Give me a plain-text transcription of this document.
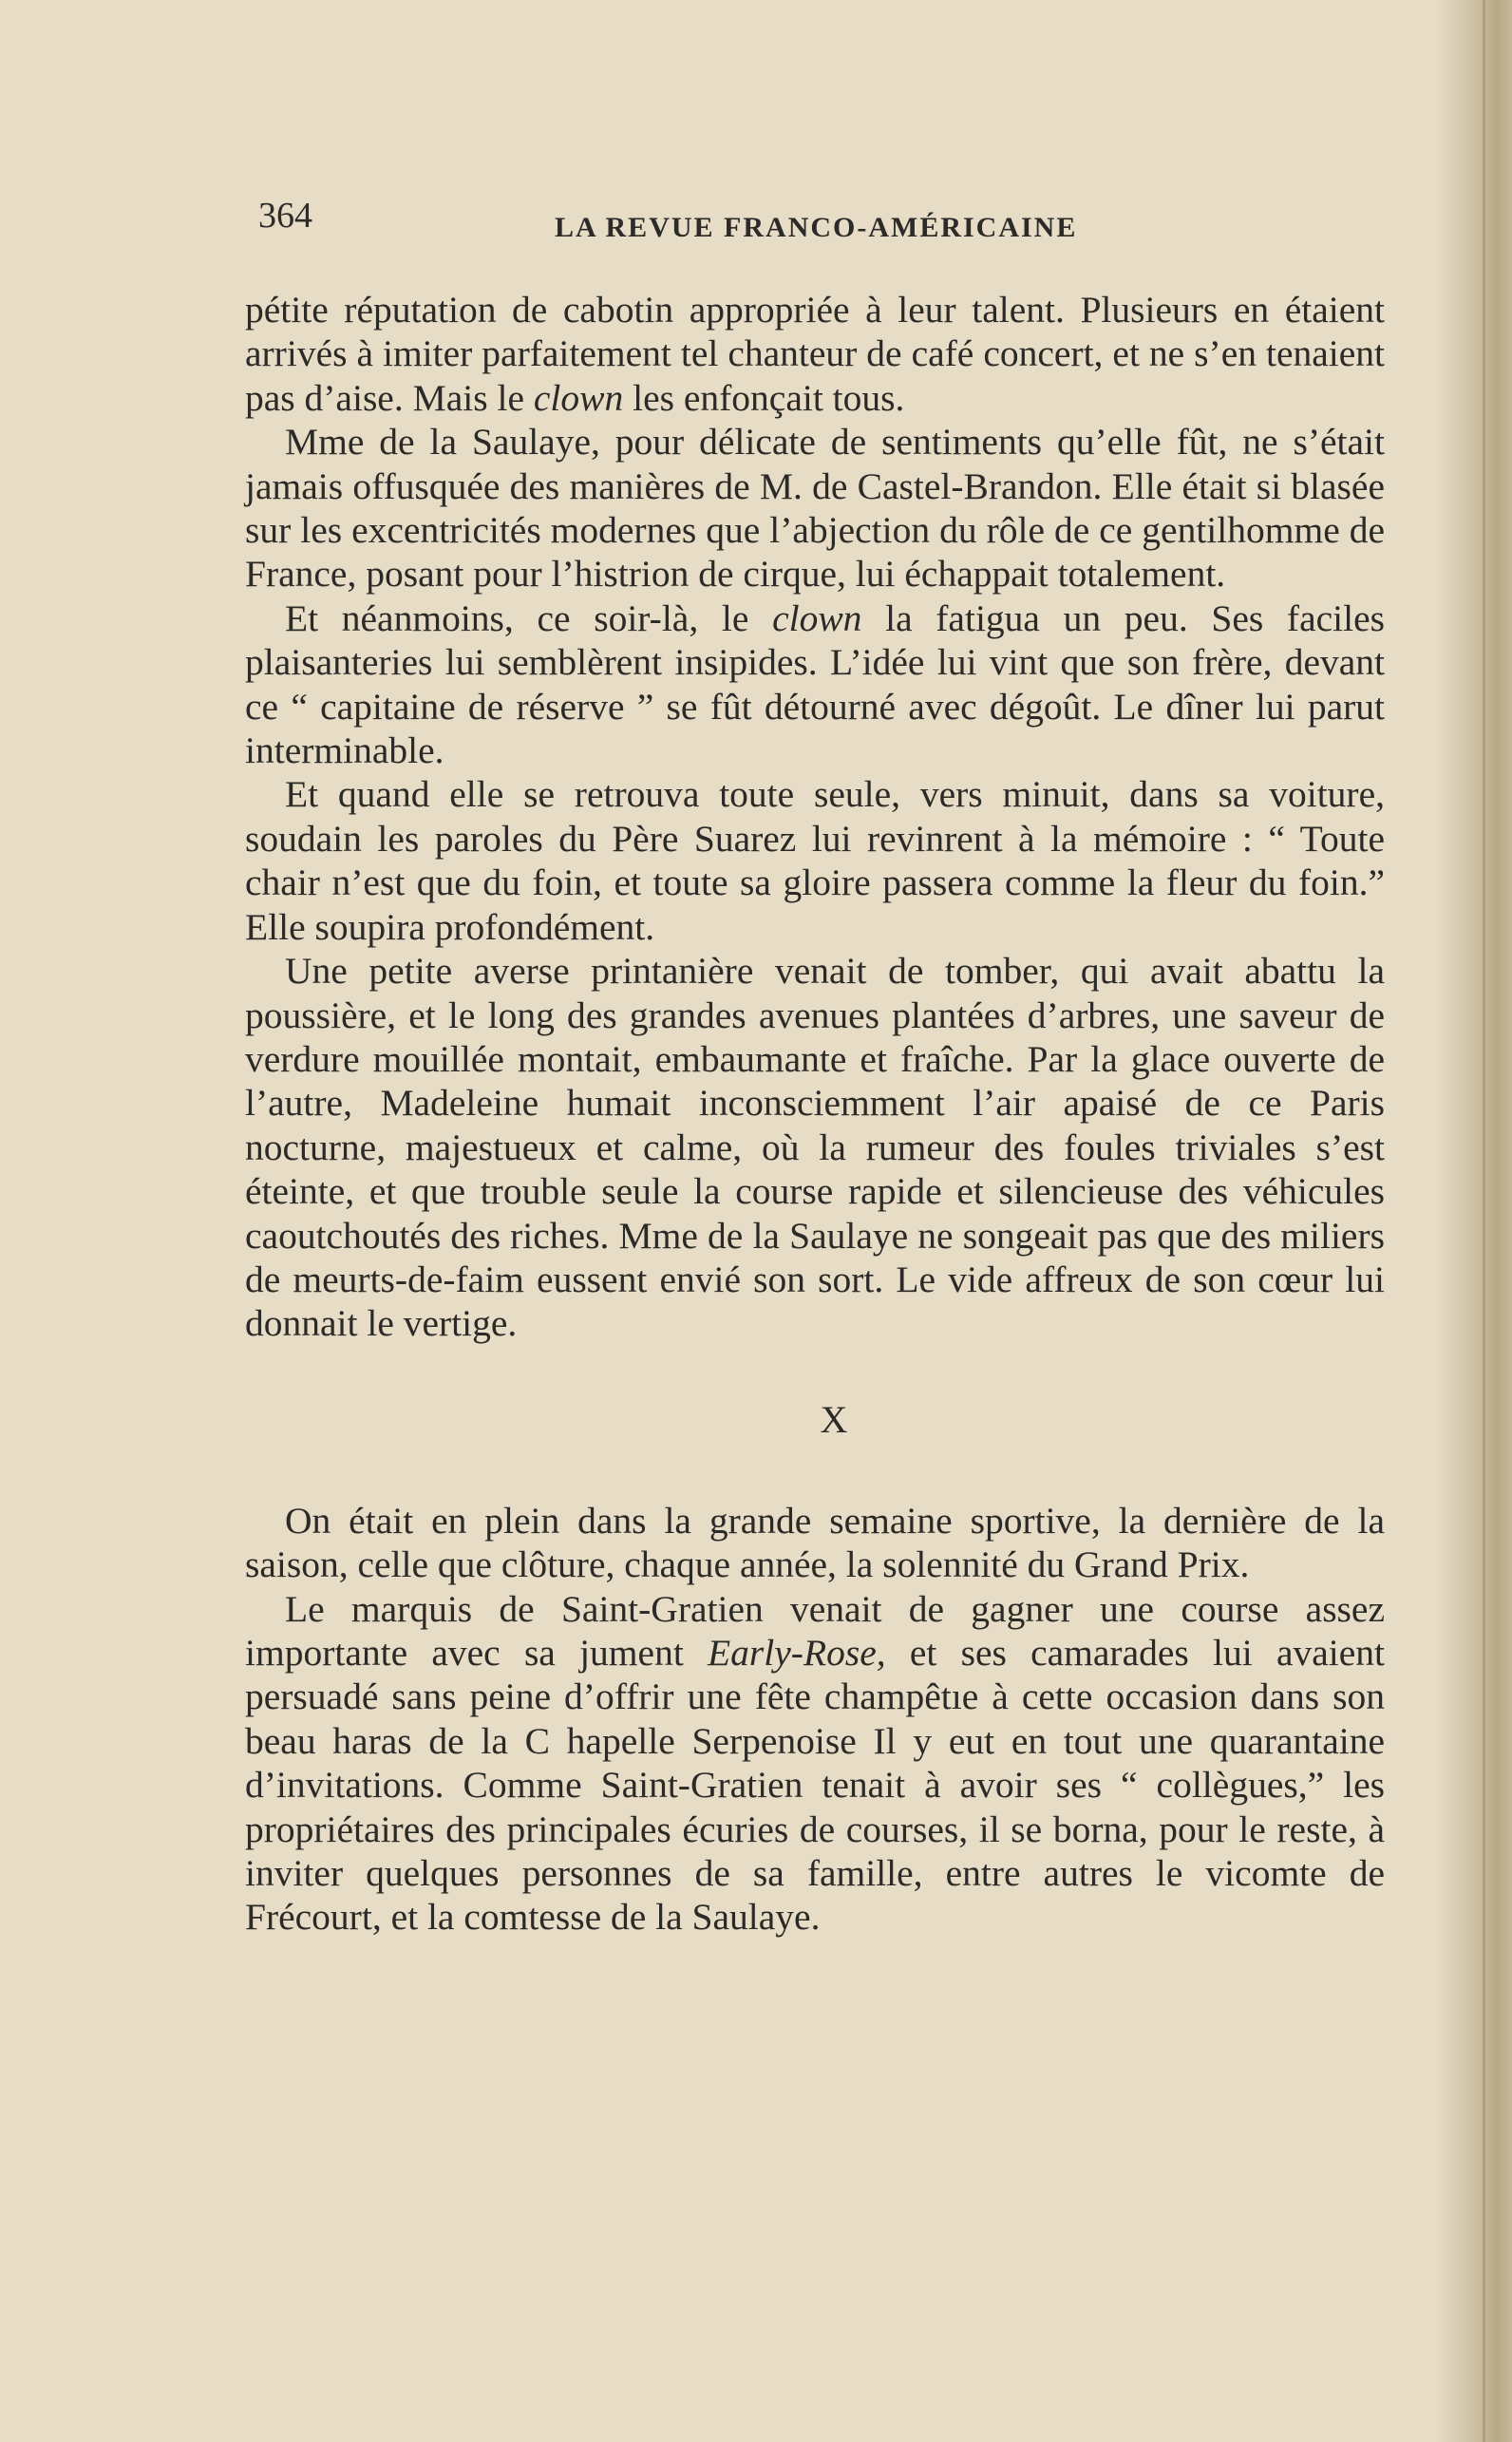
364	LA REVUE FRANCO-AMÉRICAINE

pétite réputation de cabotin appropriée à leur talent. Plusieurs en étaient arrivés à imiter parfaitement tel chanteur de café concert, et ne s’en tenaient pas d’aise. Mais le clown les enfonçait tous.

Mme de la Saulaye, pour délicate de sentiments qu’elle fût, ne s’était jamais offusquée des manières de M. de Castel-Brandon. Elle était si blasée sur les excentricités modernes que l’abjection du rôle de ce gentilhomme de France, posant pour l’histrion de cirque, lui échappait totalement.

Et néanmoins, ce soir-là, le clown la fatigua un peu. Ses faciles plaisanteries lui semblèrent insipides. L’idée lui vint que son frère, devant ce “ capitaine de réserve ” se fût détourné avec dégoût. Le dîner lui parut interminable.

Et quand elle se retrouva toute seule, vers minuit, dans sa voiture, soudain les paroles du Père Suarez lui revinrent à la mémoire : “ Toute chair n’est que du foin, et toute sa gloire passera comme la fleur du foin.” Elle soupira profondément.

Une petite averse printanière venait de tomber, qui avait abattu la poussière, et le long des grandes avenues plantées d’arbres, une saveur de verdure mouillée montait, embaumante et fraîche. Par la glace ouverte de l’autre, Madeleine humait inconsciemment l’air apaisé de ce Paris nocturne, majestueux et calme, où la rumeur des foules triviales s’est éteinte, et que trouble seule la course rapide et silencieuse des véhicules caoutchoutés des riches. Mme de la Saulaye ne songeait pas que des miliers de meurts-de-faim eussent envié son sort. Le vide affreux de son cœur lui donnait le vertige.

X

On était en plein dans la grande semaine sportive, la dernière de la saison, celle que clôture, chaque année, la solennité du Grand Prix.

Le marquis de Saint-Gratien venait de gagner une course assez importante avec sa jument Early-Rose, et ses camarades lui avaient persuadé sans peine d’offrir une fête champêtıe à cette occasion dans son beau haras de la C hapelle Serpenoise Il y eut en tout une quarantaine d’invitations. Comme Saint-Gratien tenait à avoir ses “ collègues,” les propriétaires des principales écuries de courses, il se borna, pour le reste, à inviter quelques personnes de sa famille, entre autres le vicomte de Frécourt, et la comtesse de la Saulaye.
